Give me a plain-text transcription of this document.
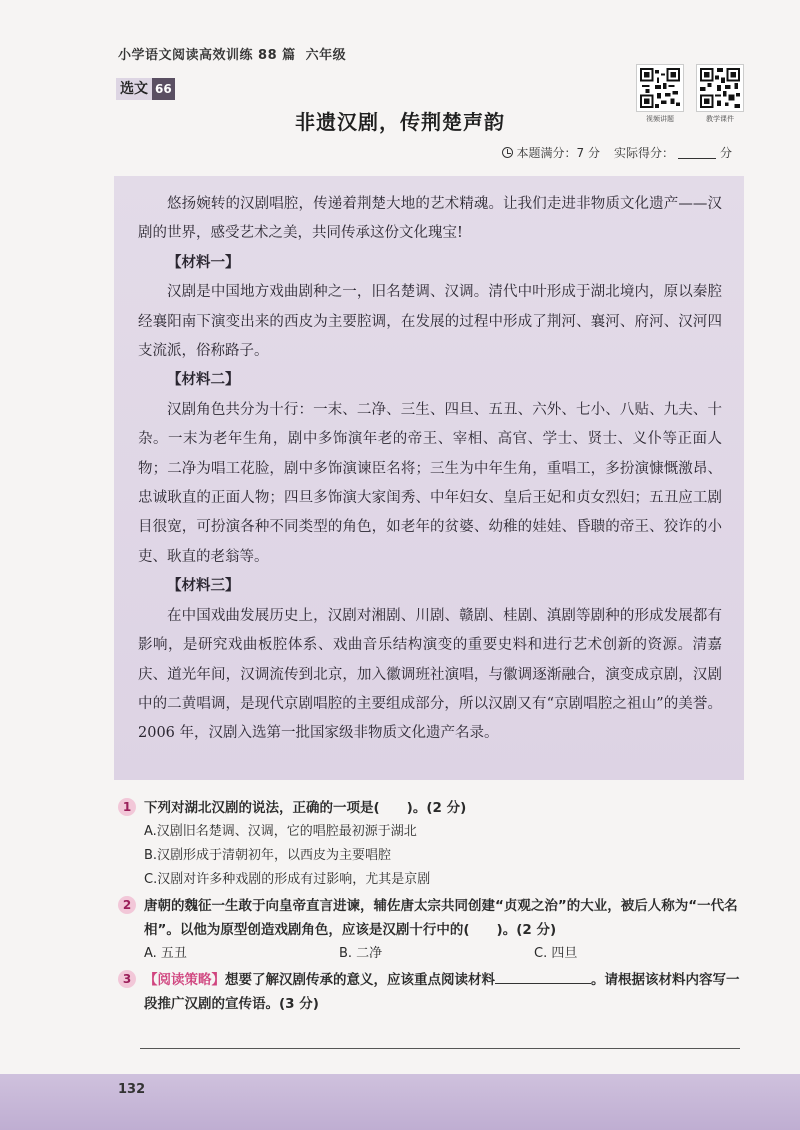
小学语文阅读高效训练 88 篇 六年级
选文 66
非遗汉剧，传荆楚声韵	视频讲题	教学课件
本题满分：7 分 实际得分：	分

悠扬婉转的汉剧唱腔，传递着荆楚大地的艺术精魂。让我们走进非物质文化遗产——汉剧的世界，感受艺术之美，共同传承这份文化瑰宝!

【材料一】

汉剧是中国地方戏曲剧种之一，旧名楚调、汉调。清代中叶形成于湖北境内，原以秦腔经襄阳南下演变出来的西皮为主要腔调，在发展的过程中形成了荆河、襄河、府河、汉河四支流派，俗称路子。

【材料二】

汉剧角色共分为十行：一末、二净、三生、四旦、五丑、六外、七小、八贴、九夫、十杂。一末为老年生角，剧中多饰演年老的帝王、宰相、高官、学士、贤士、义仆等正面人物；二净为唱工花脸，剧中多饰演谏臣名将；三生为中年生角，重唱工，多扮演慷慨激昂、忠诚耿直的正面人物；四旦多饰演大家闺秀、中年妇女、皇后王妃和贞女烈妇；五丑应工剧目很宽，可扮演各种不同类型的角色，如老年的贫婆、幼稚的娃娃、昏聩的帝王、狡诈的小吏、耿直的老翁等。

【材料三】

在中国戏曲发展历史上，汉剧对湘剧、川剧、赣剧、桂剧、滇剧等剧种的形成发展都有影响，是研究戏曲板腔体系、戏曲音乐结构演变的重要史料和进行艺术创新的资源。清嘉庆、道光年间，汉调流传到北京，加入徽调班社演唱，与徽调逐渐融合，演变成京剧，汉剧中的二黄唱调，是现代京剧唱腔的主要组成部分，所以汉剧又有“京剧唱腔之祖山”的美誉。2006 年，汉剧入选第一批国家级非物质文化遗产名录。

1 下列对湖北汉剧的说法，正确的一项是(　　)。(2 分)
A.汉剧旧名楚调、汉调，它的唱腔最初源于湖北
B.汉剧形成于清朝初年，以西皮为主要唱腔
C.汉剧对许多种戏剧的形成有过影响，尤其是京剧
2 唐朝的魏征一生敢于向皇帝直言进谏，辅佐唐太宗共同创建“贞观之治”的大业，被后人称为“一代名相”。以他为原型创造戏剧角色，应该是汉剧十行中的(　　)。(2 分)
A. 五丑	B. 二净	C. 四旦
3 【阅读策略】想要了解汉剧传承的意义，应该重点阅读材料	。请根据该材料内容写一段推广汉剧的宣传语。(3 分)
132
